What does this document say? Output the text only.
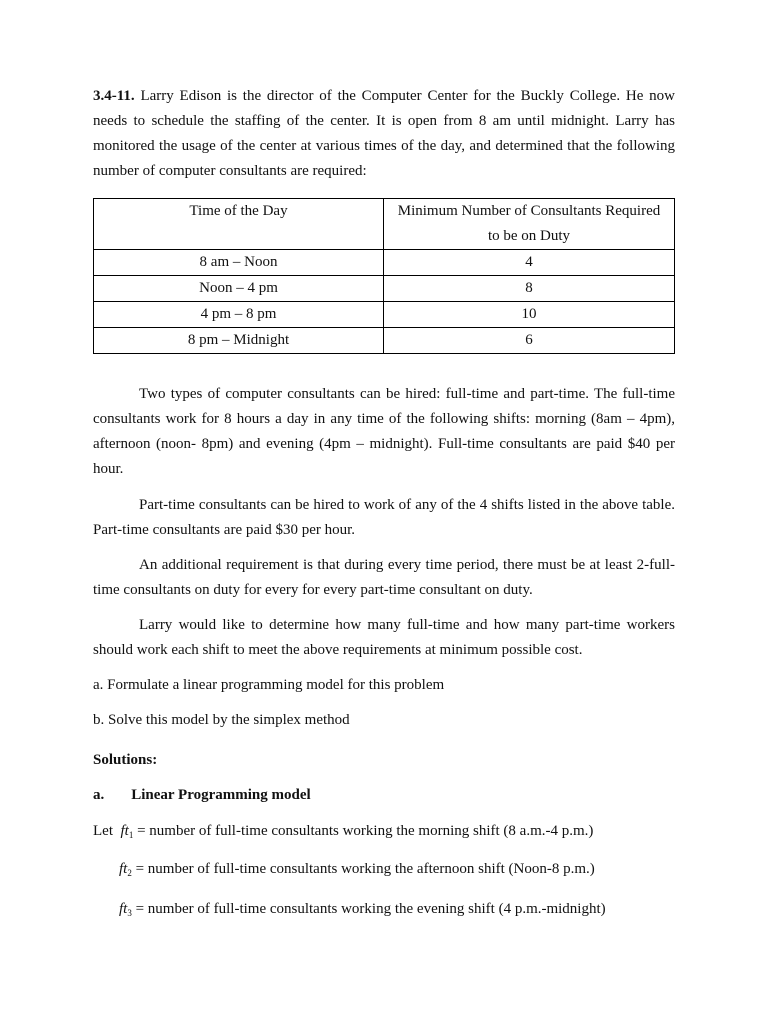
3.4-11. Larry Edison is the director of the Computer Center for the Buckly College. He now needs to schedule the staffing of the center. It is open from 8 am until midnight. Larry has monitored the usage of the center at various times of the day, and determined that the following number of computer consultants are required:

Time of the Day	Minimum Number of Consultants Required
to be on Duty
8 am – Noon	4
Noon – 4 pm	8
4 pm – 8 pm	10
8 pm – Midnight	6

Two types of computer consultants can be hired: full-time and part-time. The full-time consultants work for 8 hours a day in any time of the following shifts: morning (8am – 4pm), afternoon (noon- 8pm) and evening (4pm – midnight). Full-time consultants are paid $40 per hour.

Part-time consultants can be hired to work of any of the 4 shifts listed in the above table. Part-time consultants are paid $30 per hour.

An additional requirement is that during every time period, there must be at least 2-full-time consultants on duty for every for every part-time consultant on duty.

Larry would like to determine how many full-time and how many part-time workers should work each shift to meet the above requirements at minimum possible cost.

a. Formulate a linear programming model for this problem

b. Solve this model by the simplex method

Solutions:

a. Linear Programming model

Let $ft_1$ = number of full-time consultants working the morning shift (8 a.m.-4 p.m.)

$ft_2$ = number of full-time consultants working the afternoon shift (Noon-8 p.m.)

$ft_3$ = number of full-time consultants working the evening shift (4 p.m.-midnight)
